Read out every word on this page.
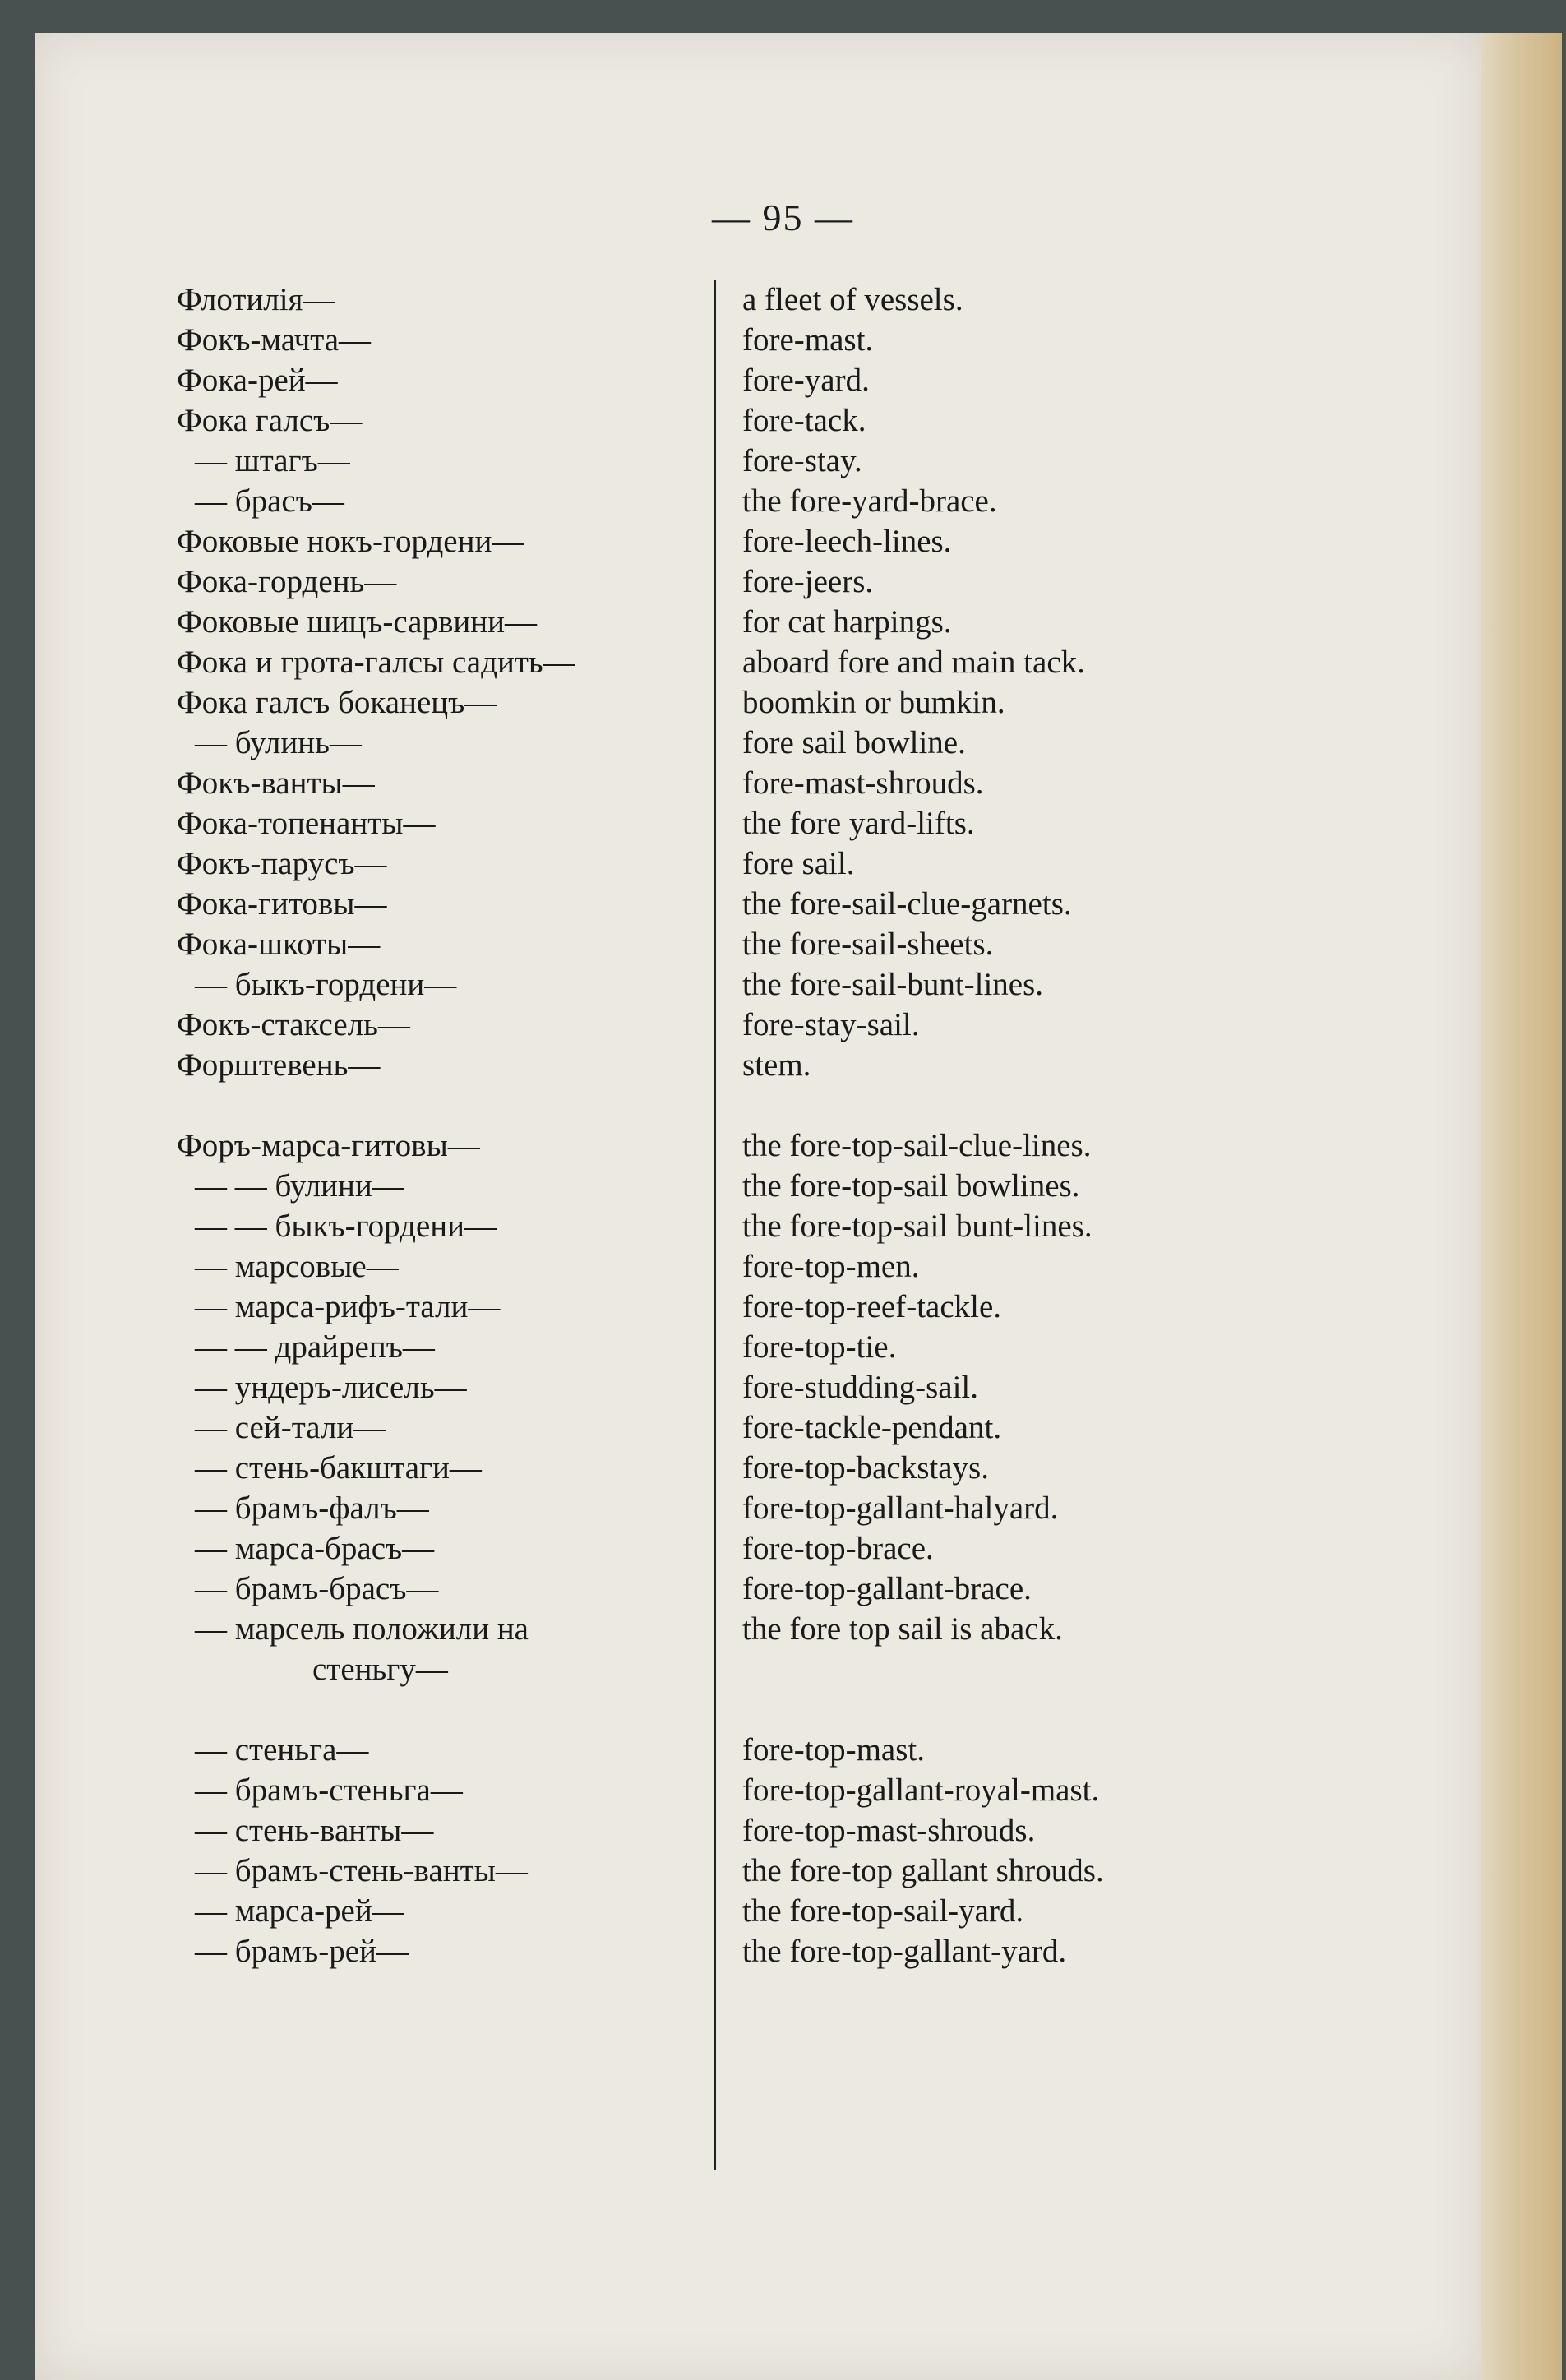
— 95 —
Флотилія—	a fleet of vessels.
Фокъ-мачта—	fore-mast.
Фока-рей—	fore-yard.
Фока галсъ—	fore-tack.
— штагъ—	fore-stay.
— брасъ—	the fore-yard-brace.
Фоковые нокъ-гордени—	fore-leech-lines.
Фока-гордень—	fore-jeers.
Фоковые шицъ-сарвини—	for cat harpings.
Фока и грота-галсы садить—	aboard fore and main tack.
Фока галсъ боканецъ—	boomkin or bumkin.
— булинь—	fore sail bowline.
Фокъ-ванты—	fore-mast-shrouds.
Фока-топенанты—	the fore yard-lifts.
Фокъ-парусъ—	fore sail.
Фока-гитовы—	the fore-sail-clue-garnets.
Фока-шкоты—	the fore-sail-sheets.
— быкъ-гордени—	the fore-sail-bunt-lines.
Фокъ-стаксель—	fore-stay-sail.
Форштевень—	stem.
Форъ-марса-гитовы—	the fore-top-sail-clue-lines.
— — булини—	the fore-top-sail bowlines.
— — быкъ-гордени—	the fore-top-sail bunt-lines.
— марсовые—	fore-top-men.
— марса-рифъ-тали—	fore-top-reef-tackle.
— — драйрепъ—	fore-top-tie.
— ундеръ-лисель—	fore-studding-sail.
— сей-тали—	fore-tackle-pendant.
— стень-бакштаги—	fore-top-backstays.
— брамъ-фалъ—	fore-top-gallant-halyard.
— марса-брасъ—	fore-top-brace.
— брамъ-брасъ—	fore-top-gallant-brace.
— марсель положили на	the fore top sail is aback.
стеньгу—
— стеньга—	fore-top-mast.
— брамъ-стеньга—	fore-top-gallant-royal-mast.
— стень-ванты—	fore-top-mast-shrouds.
— брамъ-стень-ванты—	the fore-top gallant shrouds.
— марса-рей—	the fore-top-sail-yard.
— брамъ-рей—	the fore-top-gallant-yard.
